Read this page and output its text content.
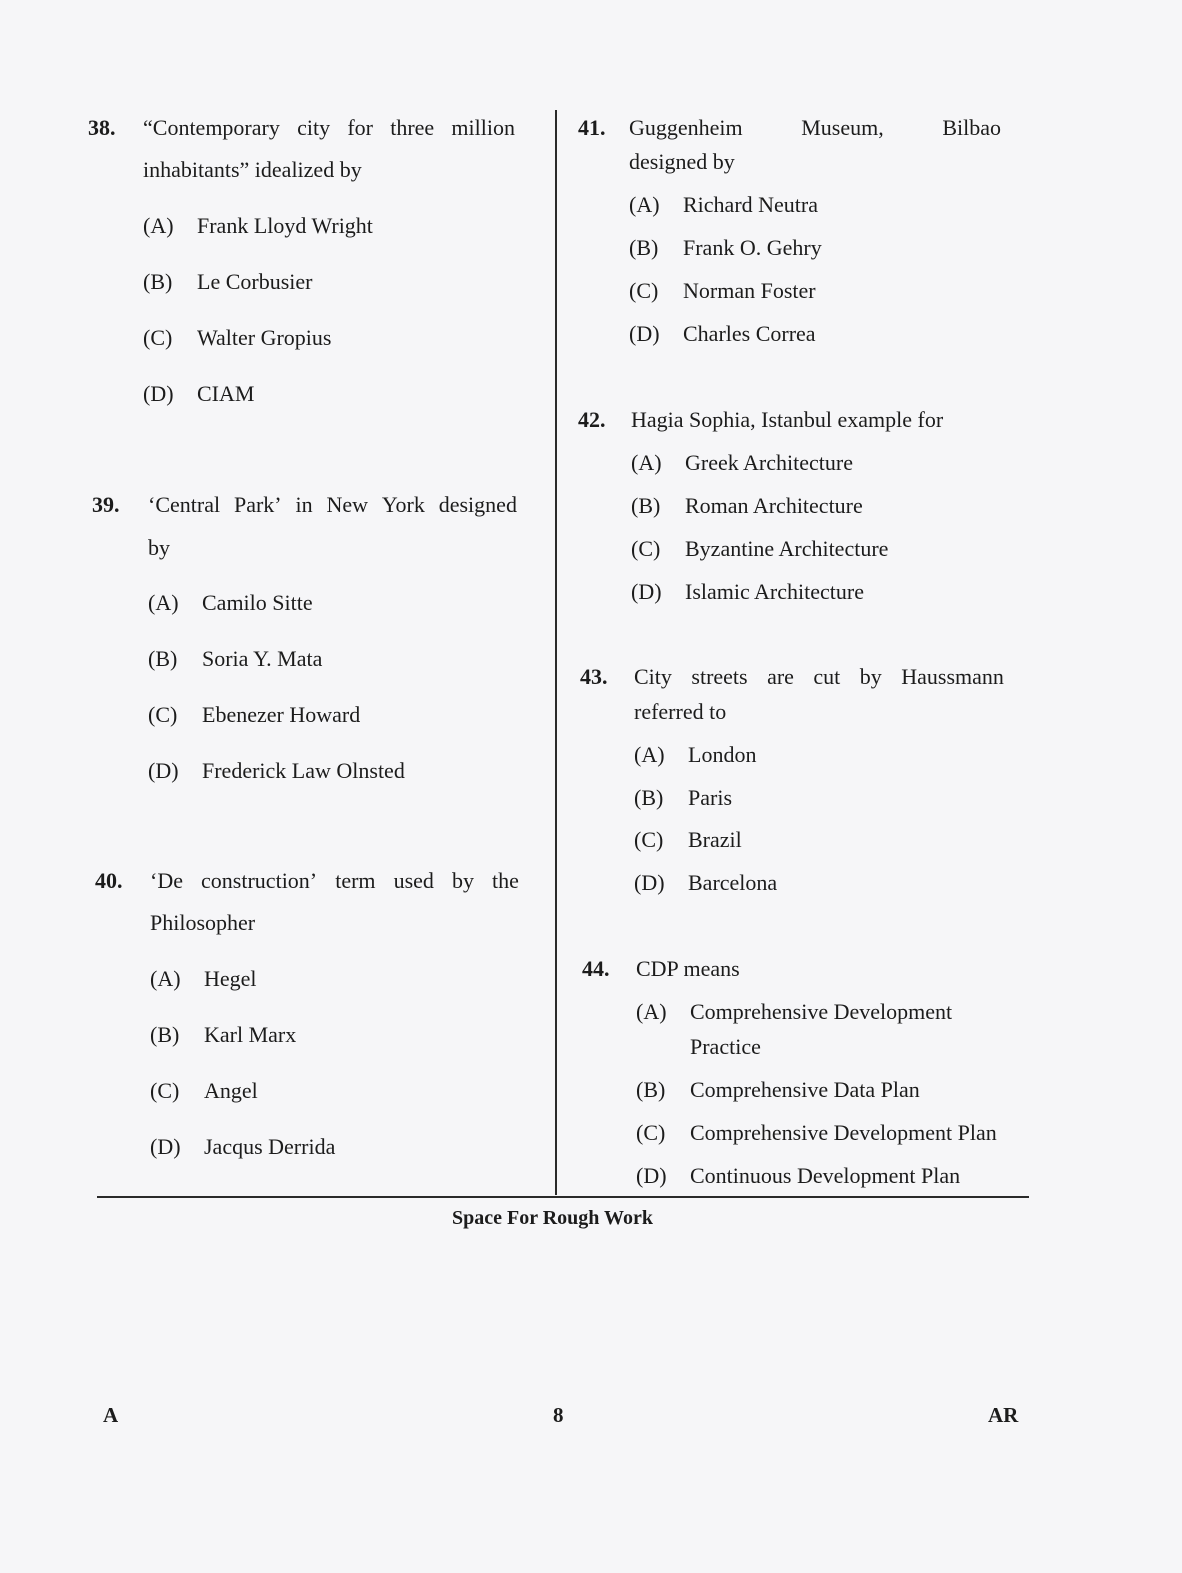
38. “Contemporary city for three million
inhabitants” idealized by
(A) Frank Lloyd Wright
(B) Le Corbusier
(C) Walter Gropius
(D) CIAM
39. ‘Central Park’ in New York designed
by
(A) Camilo Sitte
(B) Soria Y. Mata
(C) Ebenezer Howard
(D) Frederick Law Olnsted
40. ‘De construction’ term used by the
Philosopher
(A) Hegel
(B) Karl Marx
(C) Angel
(D) Jacqus Derrida
41. Guggenheim	Museum,	Bilbao
designed by
(A) Richard Neutra
(B) Frank O. Gehry
(C) Norman Foster
(D) Charles Correa
42. Hagia Sophia, Istanbul example for
(A) Greek Architecture
(B) Roman Architecture
(C) Byzantine Architecture
(D) Islamic Architecture
43. City streets are cut by Haussmann
referred to
(A) London
(B) Paris
(C) Brazil
(D) Barcelona
44. CDP means
(A) Comprehensive Development
Practice
(B) Comprehensive Data Plan
(C) Comprehensive Development Plan
(D) Continuous Development Plan
Space For Rough Work
A	8	AR
